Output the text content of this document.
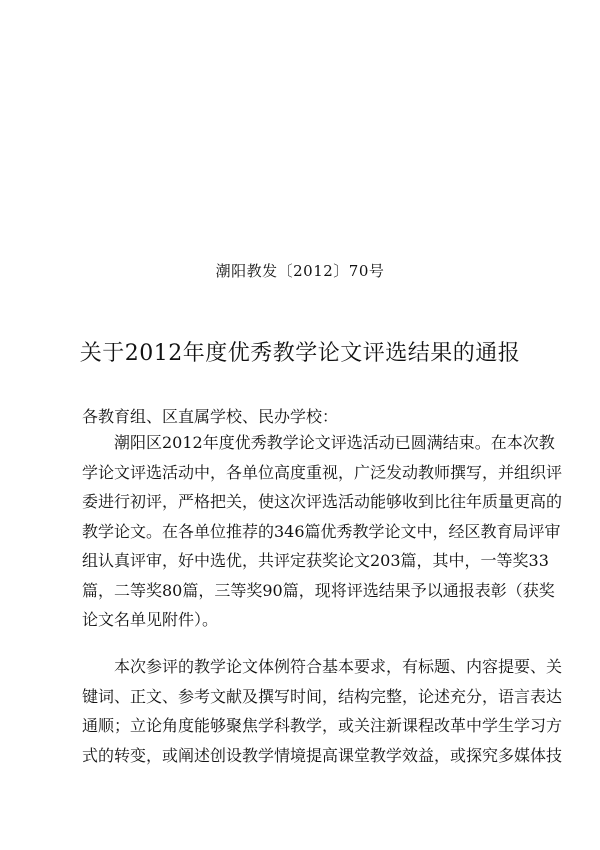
潮阳教发〔2012〕70号
关于2012年度优秀教学论文评选结果的通报

各教育组、区直属学校、民办学校：

　　潮阳区2012年度优秀教学论文评选活动已圆满结束。在本次教
学论文评选活动中，各单位高度重视，广泛发动教师撰写，并组织评
委进行初评，严格把关，使这次评选活动能够收到比往年质量更高的
教学论文。在各单位推荐的346篇优秀教学论文中，经区教育局评审
组认真评审，好中选优，共评定获奖论文203篇，其中，一等奖33
篇，二等奖80篇，三等奖90篇，现将评选结果予以通报表彰（获奖
论文名单见附件）。
　　本次参评的教学论文体例符合基本要求，有标题、内容提要、关
键词、正文、参考文献及撰写时间，结构完整，论述充分，语言表达
通顺；立论角度能够聚焦学科教学，或关注新课程改革中学生学习方
式的转变，或阐述创设教学情境提高课堂教学效益，或探究多媒体技
